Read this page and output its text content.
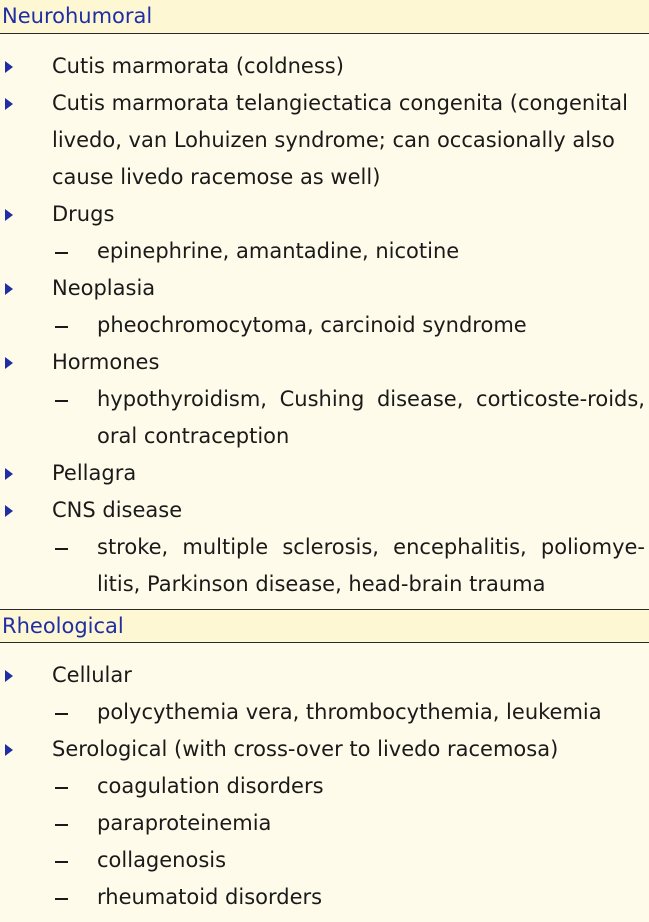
Neurohumoral
Cutis marmorata (coldness)
Cutis marmorata telangiectatica congenita (congenital livedo, van Lohuizen syndrome; can occasionally also cause livedo racemose as well)
Drugs
epinephrine, amantadine, nicotine
Neoplasia
pheochromocytoma, carcinoid syndrome
Hormones
hypothyroidism, Cushing disease, corticoste-roids, oral contraception
Pellagra
CNS disease
stroke, multiple sclerosis, encephalitis, poliomye-litis, Parkinson disease, head-brain trauma
Rheological
Cellular
polycythemia vera, thrombocythemia, leukemia
Serological (with cross-over to livedo racemosa)
coagulation disorders
paraproteinemia
collagenosis
rheumatoid disorders
